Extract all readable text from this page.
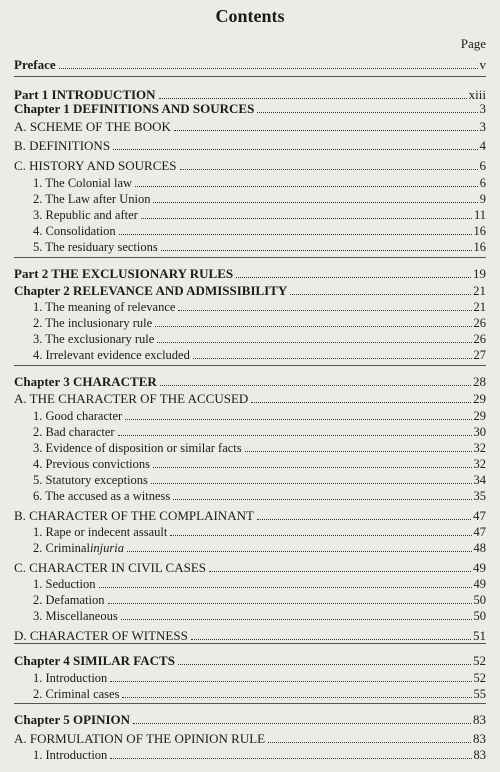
Contents
Page
Preface	v
Part 1 INTRODUCTION	xiii
Chapter 1 DEFINITIONS AND SOURCES	3
A. SCHEME OF THE BOOK	3
B. DEFINITIONS	4
C. HISTORY AND SOURCES	6
1. The Colonial law	6
2. The Law after Union	9
3. Republic and after	11
4. Consolidation	16
5. The residuary sections	16
Part 2 THE EXCLUSIONARY RULES	19
Chapter 2 RELEVANCE AND ADMISSIBILITY	21
1. The meaning of relevance	21
2. The inclusionary rule	26
3. The exclusionary rule	26
4. Irrelevant evidence excluded	27
Chapter 3 CHARACTER	28
A. THE CHARACTER OF THE ACCUSED	29
1. Good character	29
2. Bad character	30
3. Evidence of disposition or similar facts	32
4. Previous convictions	32
5. Statutory exceptions	34
6. The accused as a witness	35
B. CHARACTER OF THE COMPLAINANT	47
1. Rape or indecent assault	47
2. Criminal injuria	48
C. CHARACTER IN CIVIL CASES	49
1. Seduction	49
2. Defamation	50
3. Miscellaneous	50
D. CHARACTER OF WITNESS	51
Chapter 4 SIMILAR FACTS	52
1. Introduction	52
2. Criminal cases	55
Chapter 5 OPINION	83
A. FORMULATION OF THE OPINION RULE	83
1. Introduction	83
